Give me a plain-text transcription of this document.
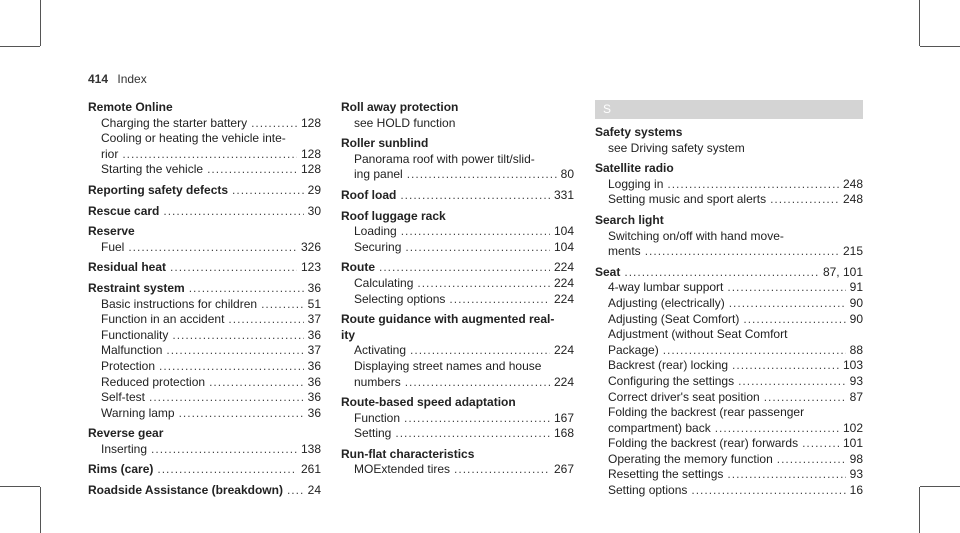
414 Index
Remote Online
Charging the starter battery .....	128
Cooling or heating the vehicle inte-
rior .....	128
Starting the vehicle .....	128
Reporting safety defects .....	29
Rescue card .....	30
Reserve
Fuel .....	326
Residual heat .....	123
Restraint system .....	36
Basic instructions for children .....	51
Function in an accident .....	37
Functionality .....	36
Malfunction .....	37
Protection .....	36
Reduced protection .....	36
Self-test .....	36
Warning lamp .....	36
Reverse gear
Inserting .....	138
Rims (care) .....	261
Roadside Assistance (breakdown) ..... 24
Roll away protection
see HOLD function
Roller sunblind
Panorama roof with power tilt/slid-
ing panel .....	80
Roof load .....	331
Roof luggage rack
Loading .....	104
Securing .....	104
Route .....	224
Calculating .....	224
Selecting options .....	224
Route guidance with augmented real-
ity
Activating .....	224
Displaying street names and house
numbers .....	224
Route-based speed adaptation
Function .....	167
Setting .....	168
Run-flat characteristics
MOExtended tires .....	267
S
Safety systems
see Driving safety system
Satellite radio
Logging in .....	248
Setting music and sport alerts .....	248
Search light
Switching on/off with hand move-
ments .....	215
Seat .....	87, 101
4-way lumbar support .....	91
Adjusting (electrically) .....	90
Adjusting (Seat Comfort) .....	90
Adjustment (without Seat Comfort
Package) .....	88
Backrest (rear) locking .....	103
Configuring the settings .....	93
Correct driver's seat position .....	87
Folding the backrest (rear passenger
compartment) back .....	102
Folding the backrest (rear) forwards .....	101
Operating the memory function .....	98
Resetting the settings .....	93
Setting options .....	16
